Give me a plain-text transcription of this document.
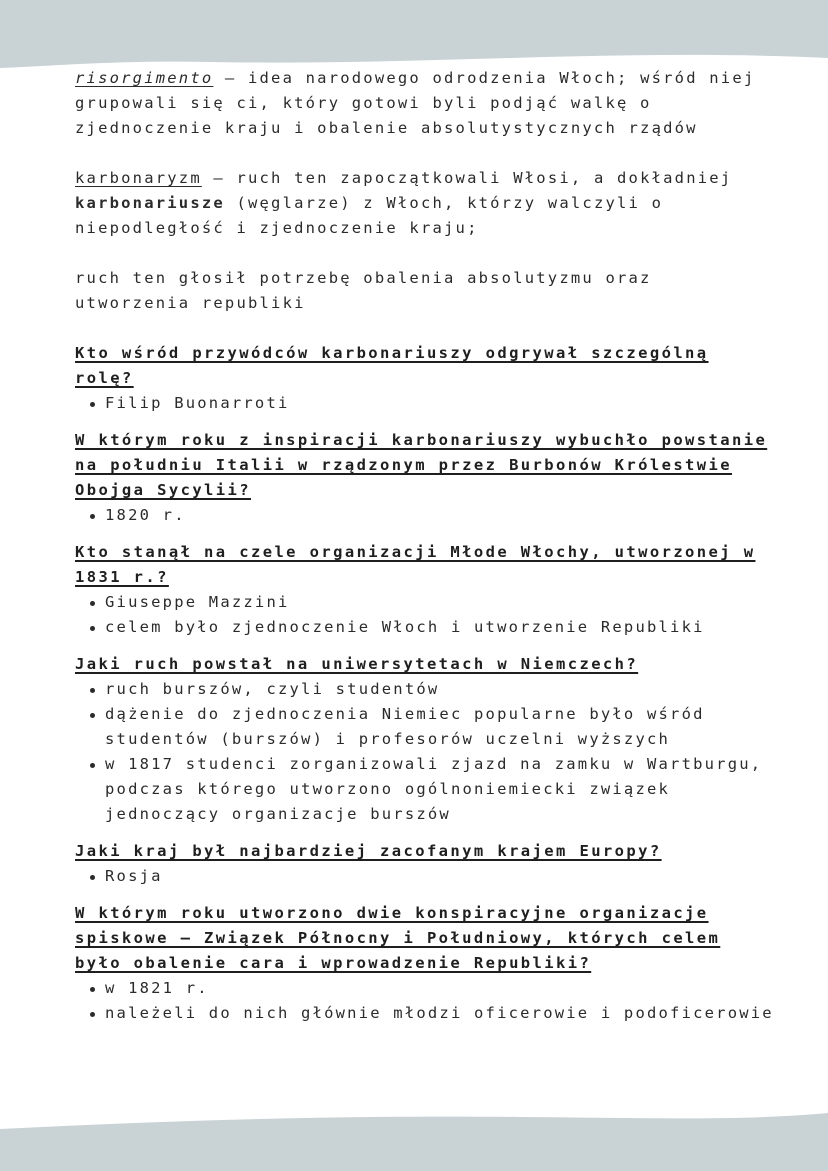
risorgimento – idea narodowego odrodzenia Włoch; wśród niej grupowali się ci, który gotowi byli podjąć walkę o zjednoczenie kraju i obalenie absolutystycznych rządów

karbonaryzm – ruch ten zapoczątkowali Włosi, a dokładniej karbonariusze (węglarze) z Włoch, którzy walczyli o niepodległość i zjednoczenie kraju;

ruch ten głosił potrzebę obalenia absolutyzmu oraz utworzenia republiki

Kto wśród przywódców karbonariuszy odgrywał szczególną rolę?

Filip Buonarroti

W którym roku z inspiracji karbonariuszy wybuchło powstanie na południu Italii w rządzonym przez Burbonów Królestwie Obojga Sycylii?

1820 r.

Kto stanął na czele organizacji Młode Włochy, utworzonej w 1831 r.?

Giuseppe Mazzini
celem było zjednoczenie Włoch i utworzenie Republiki

Jaki ruch powstał na uniwersytetach w Niemczech?

ruch burszów, czyli studentów
dążenie do zjednoczenia Niemiec popularne było wśród studentów (burszów) i profesorów uczelni wyższych
w 1817 studenci zorganizowali zjazd na zamku w Wartburgu, podczas którego utworzono ogólnoniemiecki związek jednoczący organizacje burszów

Jaki kraj był najbardziej zacofanym krajem Europy?

Rosja

W którym roku utworzono dwie konspiracyjne organizacje spiskowe – Związek Północny i Południowy, których celem było obalenie cara i wprowadzenie Republiki?

w 1821 r.
należeli do nich głównie młodzi oficerowie i podoficerowie
